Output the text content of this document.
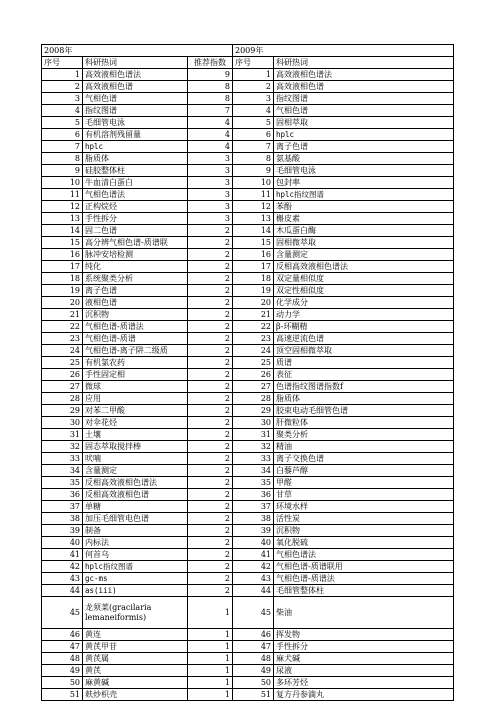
2008年			2009年	
序号	科研热词	推荐指数	序号	科研热词
1	高效液相色谱法	9	1	高效液相色谱法
2	高效液相色谱	8	2	高效液相色谱
3	气相色谱	8	3	指纹图谱
4	指纹图谱	7	4	气相色谱
5	毛细管电泳	4	5	固相萃取
6	有机溶剂残留量	4	6	hplc
7	hplc	4	7	离子色谱
8	脂质体	3	8	氨基酸
9	硅胶整体柱	3	9	毛细管电泳
10	牛血清白蛋白	3	10	包封率
11	气相色谱法	3	11	hplc指纹图谱
12	正构烷烃	3	12	苯酚
13	手性拆分	3	13	槲皮素
14	固二色谱	2	14	木瓜蛋白酶
15	高分辨气相色谱-质谱联	2	15	固相微萃取
16	脉冲安培检测	2	16	含量测定
17	纯化	2	17	反相高效液相色谱法
18	系统聚类分析	2	18	双定量相似度
19	离子色谱	2	19	双定性相似度
20	液相色谱	2	20	化学成分
21	沉积物	2	21	动力学
22	气相色谱-质谱法	2	22	β-环糊精
23	气相色谱-质谱	2	23	高速逆流色谱
24	气相色谱-离子阱二级质	2	24	顶空固相微萃取
25	有机氯农药	2	25	质谱
26	手性固定相	2	26	表征
27	微球	2	27	色谱指纹图谱指数f
28	应用	2	28	脂质体
29	对苯二甲酸	2	29	胶束电动毛细管色谱
30	对伞花烃	2	30	肝微粒体
31	土壤	2	31	聚类分析
32	固态萃取搅拌棒	2	32	精油
33	吠喃	2	33	离子交换色谱
34	含量测定	2	34	白藜芦醇
35	反相高效液相色谱法	2	35	甲醛
36	反相高效液相色谱	2	36	甘草
37	单糖	2	37	环境水样
38	加压毛细管电色谱	2	38	活性炭
39	制备	2	39	沉积物
40	内标法	2	40	氧化脱硫
41	何首乌	2	41	气相色谱法
42	hplc指纹图谱	2	42	气相色谱-质谱联用
43	gc-ms	2	43	气相色谱-质谱法
44	as(iii)	2	44	毛细管整体柱
45	龙须菜(gracilaria lemaneiformis)	1	45	柴油
46	黄连	1	46	挥发物
47	黄芪甲苷	1	47	手性拆分
48	黄芪属	1	48	麻犬碱
49	黄芪	1	49	尿液
50	麻黄碱	1	50	多环芳烃
51	麸炒枳壳	1	51	复方丹参滴丸
